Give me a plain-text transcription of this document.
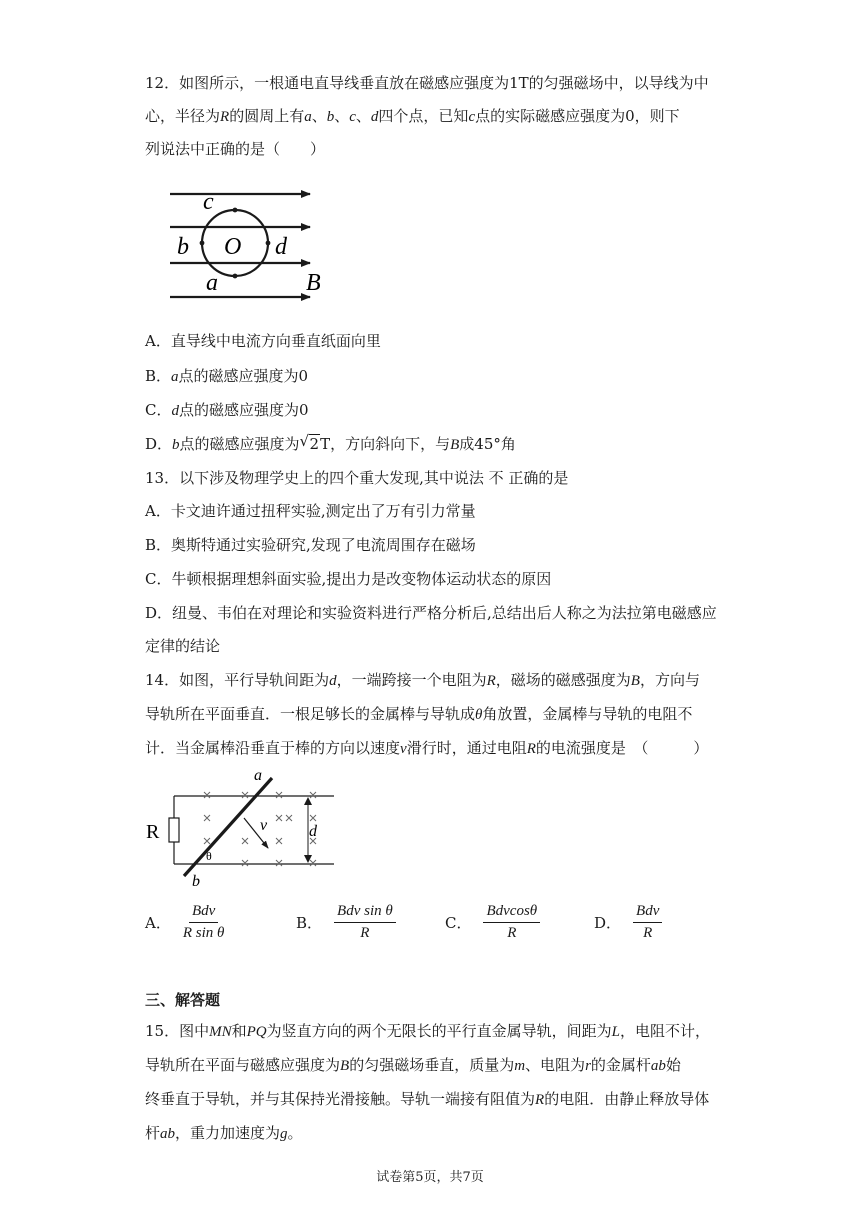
12．如图所示，一根通电直导线垂直放在磁感应强度为1T的匀强磁场中，以导线为中
心，半径为R的圆周上有a、b、c、d四个点，已知c点的实际磁感应强度为0，则下
列说法中正确的是（　　）
c
b O d
a	B
A．直导线中电流方向垂直纸面向里
B．a点的磁感应强度为0
C．d点的磁感应强度为0
D．b点的磁感应强度为 √ 2T，方向斜向下，与B成45°角
13．以下涉及物理学史上的四个重大发现,其中说法 不 正确的是
A．卡文迪许通过扭秤实验,测定出了万有引力常量
B．奥斯特通过实验研究,发现了电流周围存在磁场
C．牛顿根据理想斜面实验,提出力是改变物体运动状态的原因
D．纽曼、韦伯在对理论和实验资料进行严格分析后,总结出后人称之为法拉第电磁感应
定律的结论
14．如图，平行导轨间距为d，一端跨接一个电阻为R，磁场的磁感强度为B，方向与
导轨所在平面垂直．一根足够长的金属棒与导轨成θ角放置，金属棒与导轨的电阻不
计．当金属棒沿垂直于棒的方向以速度v滑行时，通过电阻R的电流强度是　（　　　）
R
a
b
v
θ
d
A． $\frac{\text{Bdv}}{\text{R sin θ}}$	B． $\frac{\text{Bdv sin θ}}{R}$	C． $\frac{\text{Bdvcosθ}}{R}$	D． $\frac{\text{Bdv}}{R}$
三、解答题
15．图中MN和PQ为竖直方向的两个无限长的平行直金属导轨，间距为L，电阻不计，
导轨所在平面与磁感应强度为B的匀强磁场垂直，质量为m、电阻为r的金属杆ab始
终垂直于导轨，并与其保持光滑接触。导轨一端接有阻值为R的电阻．由静止释放导体
杆ab，重力加速度为g。
试卷第5页，共7页
